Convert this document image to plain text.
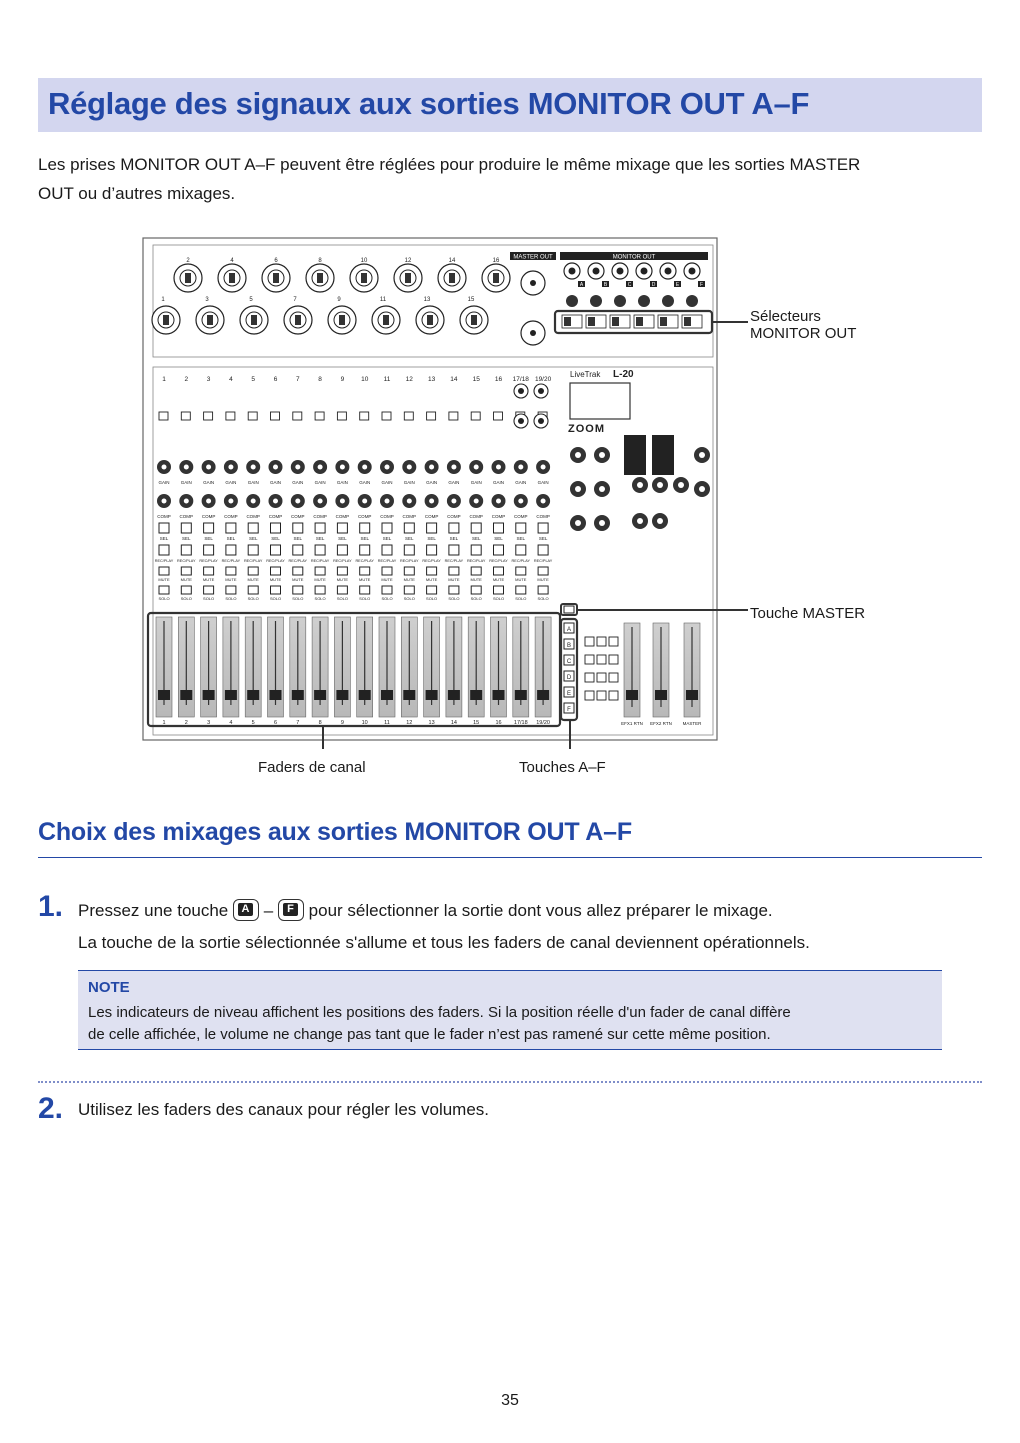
Réglage des signaux aux sorties MONITOR OUT A–F

Les prises MONITOR OUT A–F peuvent être réglées pour produire le même mixage que les sorties MASTER
OUT ou d’autres mixages.

MASTER OUT	MONITOR OUT
LiveTrak L-20
ZOOM
2
1
4
3
6
5
8
7
10
9
12
11
14
13
16
15
A	B	C	D	E	F
1
GAIN
COMP
SEL
REC/PLAY
MUTE
SOLO
1
2
GAIN
COMP
SEL
REC/PLAY
MUTE
SOLO
2
3
GAIN
COMP
SEL
REC/PLAY
MUTE
SOLO
3
4
GAIN
COMP
SEL
REC/PLAY
MUTE
SOLO
4
5
GAIN
COMP
SEL
REC/PLAY
MUTE
SOLO
5
6
GAIN
COMP
SEL
REC/PLAY
MUTE
SOLO
6
7
GAIN
COMP
SEL
REC/PLAY
MUTE
SOLO
7
8
GAIN
COMP
SEL
REC/PLAY
MUTE
SOLO
8
9
GAIN
COMP
SEL
REC/PLAY
MUTE
SOLO
9
10
GAIN
COMP
SEL
REC/PLAY
MUTE
SOLO
10
11
GAIN
COMP
SEL
REC/PLAY
MUTE
SOLO
11
12
GAIN
COMP
SEL
REC/PLAY
MUTE
SOLO
12
13
GAIN
COMP
SEL
REC/PLAY
MUTE
SOLO
13
14
GAIN
COMP
SEL
REC/PLAY
MUTE
SOLO
14
15
GAIN
COMP
SEL
REC/PLAY
MUTE
SOLO
15
16
GAIN
COMP
SEL
REC/PLAY
MUTE
SOLO
16
17/18
GAIN
COMP
SEL
REC/PLAY
MUTE
SOLO
17/18
19/20
GAIN
COMP
SEL
REC/PLAY
MUTE
SOLO
19/20
A
B
C
D
E
F
EFX1 RTN EFX2 RTN MASTER
Sélecteurs
MONITOR OUT
Touche MASTER
Faders de canal	Touches A–F
Choix des mixages aux sorties MONITOR OUT A–F
1. Pressez une touche	A –	F pour sélectionner la sortie dont vous allez préparer le mixage.
La touche de la sortie sélectionnée s'allume et tous les faders de canal deviennent opérationnels.
NOTE
Les indicateurs de niveau affichent les positions des faders. Si la position réelle d'un fader de canal diffère
de celle affichée, le volume ne change pas tant que le fader n’est pas ramené sur cette même position.
2. Utilisez les faders des canaux pour régler les volumes.
35
